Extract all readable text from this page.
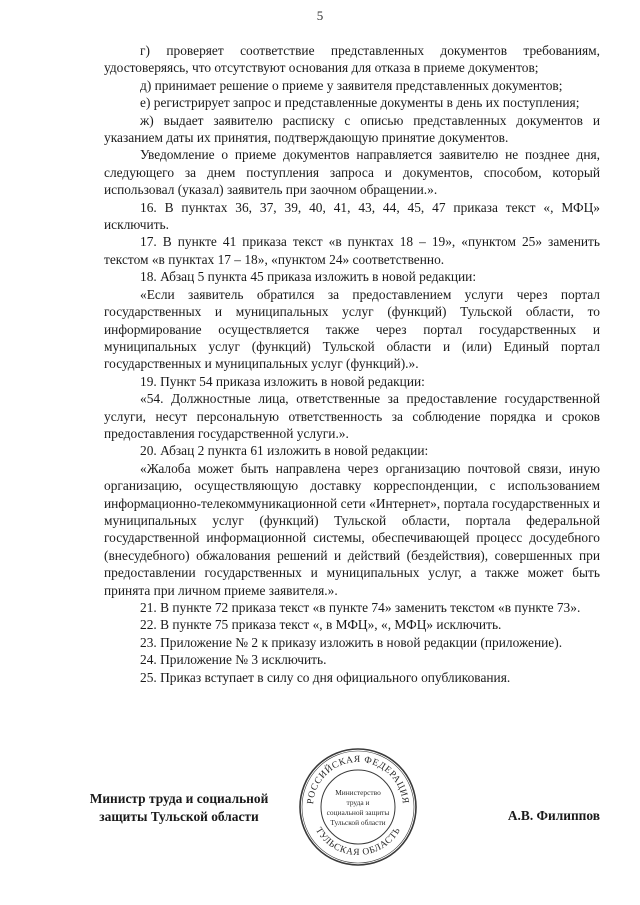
5

г) проверяет соответствие представленных документов требованиям, удостоверяясь, что отсутствуют основания для отказа в приеме документов;

д) принимает решение о приеме у заявителя представленных документов;

е) регистрирует запрос и представленные документы в день их поступления;

ж) выдает заявителю расписку с описью представленных документов и указанием даты их принятия, подтверждающую принятие документов.

Уведомление о приеме документов направляется заявителю не позднее дня, следующего за днем поступления запроса и документов, способом, который использовал (указал) заявитель при заочном обращении.».

16. В пунктах 36, 37, 39, 40, 41, 43, 44, 45, 47 приказа текст «, МФЦ» исключить.

17. В пункте 41 приказа текст «в пунктах 18 – 19», «пунктом 25» заменить текстом «в пунктах 17 – 18», «пунктом 24» соответственно.

18. Абзац 5 пункта 45 приказа изложить в новой редакции:

«Если заявитель обратился за предоставлением услуги через портал государственных и муниципальных услуг (функций) Тульской области, то информирование осуществляется также через портал государственных и муниципальных услуг (функций) Тульской области и (или) Единый портал государственных и муниципальных услуг (функций).».

19. Пункт 54 приказа изложить в новой редакции:

«54. Должностные лица, ответственные за предоставление государственной услуги, несут персональную ответственность за соблюдение порядка и сроков предоставления государственной услуги.».

20. Абзац 2 пункта 61 изложить в новой редакции:

«Жалоба может быть направлена через организацию почтовой связи, иную организацию, осуществляющую доставку корреспонденции, с использованием информационно-телекоммуникационной сети «Интернет», портала государственных и муниципальных услуг (функций) Тульской области, портала федеральной государственной информационной системы, обеспечивающей процесс досудебного (внесудебного) обжалования решений и действий (бездействия), совершенных при предоставлении государственных и муниципальных услуг, а также может быть принята при личном приеме заявителя.».

21. В пункте 72 приказа текст «в пункте 74» заменить текстом «в пункте 73».

22. В пункте 75 приказа текст «, в МФЦ», «, МФЦ» исключить.

23. Приложение № 2 к приказу изложить в новой редакции (приложение).

24. Приложение № 3 исключить.

25. Приказ вступает в силу со дня официального опубликования.

Министр труда и социальной
защиты Тульской области
РОССИЙСКАЯ ФЕДЕРАЦИЯ
ТУЛЬСКАЯ ОБЛАСТЬ
Министерство
труда и
социальной защиты
Тульской области	А.В. Филиппов
